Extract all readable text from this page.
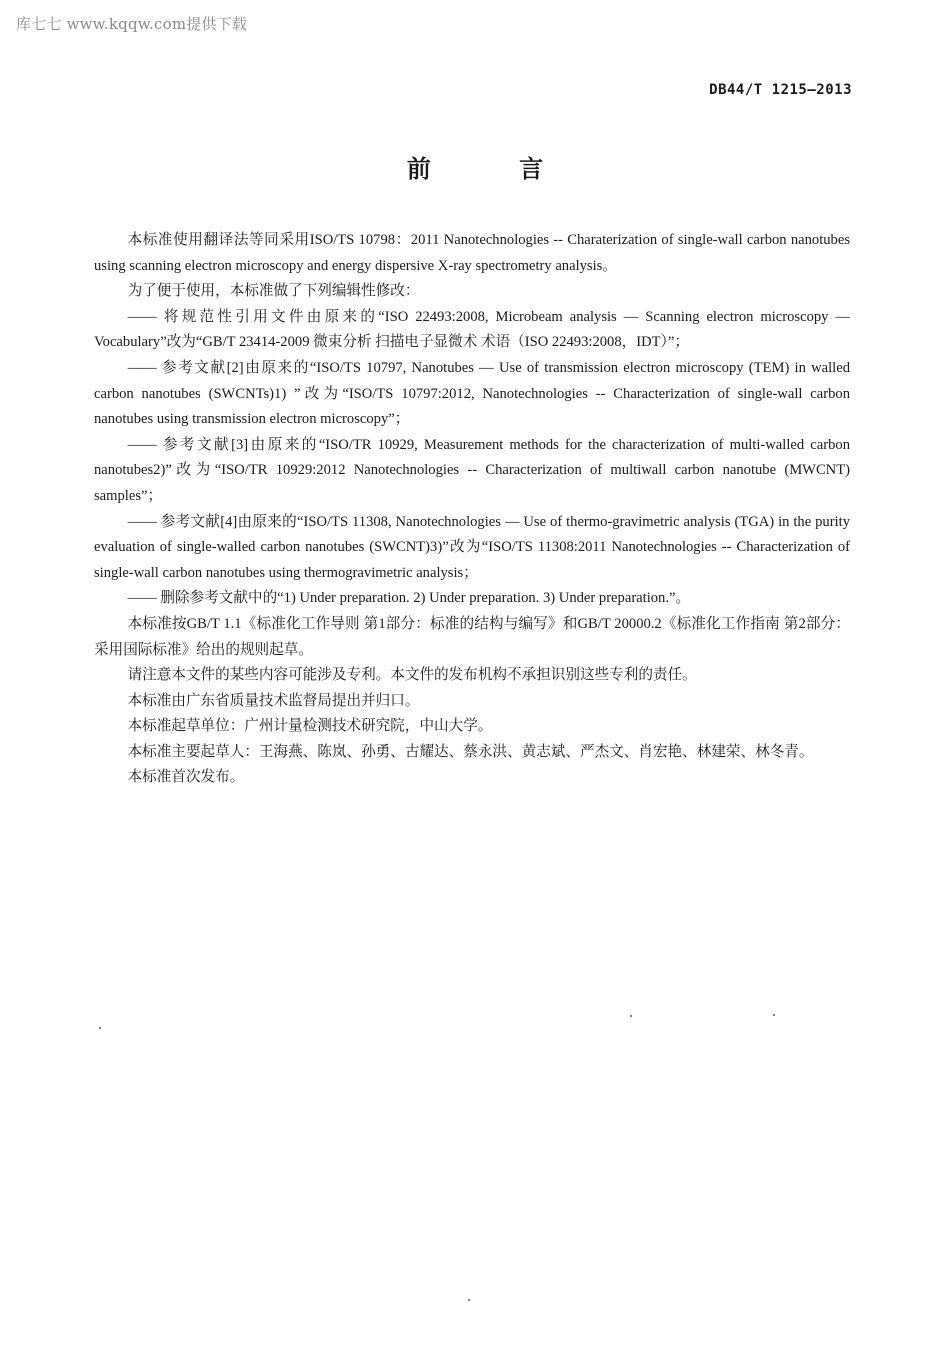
库七七 www.kqqw.com提供下载
DB44/T 1215—2013
前 言

本标准使用翻译法等同采用ISO/TS 10798：2011 Nanotechnologies -- Charaterization of single-wall carbon nanotubes using scanning electron microscopy and energy dispersive X-ray spectrometry analysis。

为了便于使用，本标准做了下列编辑性修改：

—— 将规范性引用文件由原来的“ISO 22493:2008, Microbeam analysis — Scanning electron microscopy — Vocabulary”改为“GB/T 23414-2009 微束分析 扫描电子显微术 术语（ISO 22493:2008，IDT）”；

—— 参考文献[2]由原来的“ISO/TS 10797, Nanotubes — Use of transmission electron microscopy (TEM) in walled carbon nanotubes (SWCNTs)1) ”改为“ISO/TS 10797:2012, Nanotechnologies -- Characterization of single-wall carbon nanotubes using transmission electron microscopy”；

—— 参考文献[3]由原来的“ISO/TR 10929, Measurement methods for the characterization of multi-walled carbon nanotubes2)”改为“ISO/TR 10929:2012 Nanotechnologies -- Characterization of multiwall carbon nanotube (MWCNT) samples”；

—— 参考文献[4]由原来的“ISO/TS 11308, Nanotechnologies — Use of thermo-gravimetric analysis (TGA) in the purity evaluation of single-walled carbon nanotubes (SWCNT)3)”改为“ISO/TS 11308:2011 Nanotechnologies -- Characterization of single-wall carbon nanotubes using thermogravimetric analysis；

—— 删除参考文献中的“1) Under preparation. 2) Under preparation. 3) Under preparation.”。

本标准按GB/T 1.1《标准化工作导则 第1部分：标准的结构与编写》和GB/T 20000.2《标准化工作指南 第2部分：采用国际标准》给出的规则起草。

请注意本文件的某些内容可能涉及专利。本文件的发布机构不承担识别这些专利的责任。

本标准由广东省质量技术监督局提出并归口。

本标准起草单位：广州计量检测技术研究院，中山大学。

本标准主要起草人：王海燕、陈岚、孙勇、古耀达、蔡永洪、黄志斌、严杰文、肖宏艳、林建荣、林冬青。

本标准首次发布。
